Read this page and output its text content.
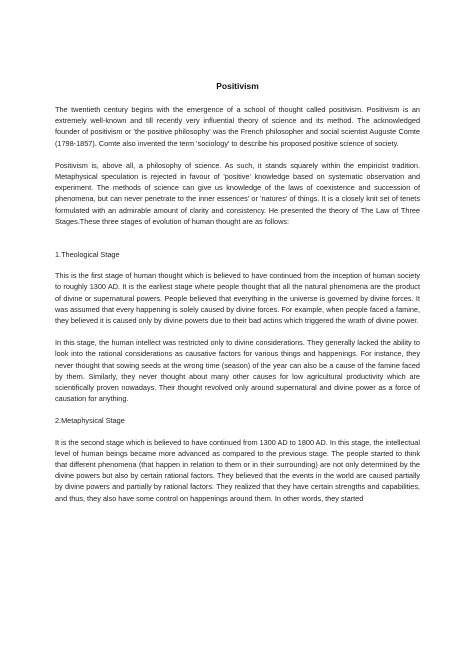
Positivism

The twentieth century begins with the emergence of a school of thought called positivism. Positivism is an extremely well-known and till recently very influential theory of science and its method. The acknowledged founder of positivism or 'the positive philosophy' was the French philosopher and social scientist Auguste Comte (1798-1857). Comte also invented the term 'sociology' to describe his proposed positive science of society.

Positivism is, above all, a philosophy of science. As such, it stands squarely within the empiricist tradition. Metaphysical speculation is rejected in favour of 'positive' knowledge based on systematic observation and experiment. The methods of science can give us knowledge of the laws of coexistence and succession of phenomena, but can never penetrate to the inner essences' or 'natures' of things. It is a closely knit set of tenets formulated with an admirable amount of clarity and consistency. He presented the theory of The Law of Three Stages.These three stages of evolution of human thought are as follows:

1.Theological Stage

This is the first stage of human thought which is believed to have continued from the inception of human society to roughly 1300 AD. It is the earliest stage where people thought that all the natural phenomena are the product of divine or supernatural powers. People believed that everything in the universe is governed by divine forces. It was assumed that every happening is solely caused by divine forces. For example, when people faced a famine, they believed it is caused only by divine powers due to their bad actins which triggered the wrath of divine power.

In this stage, the human intellect was restricted only to divine considerations. They generally lacked the ability to look into the rational considerations as causative factors for various things and happenings. For instance, they never thought that sowing seeds at the wrong time (season) of the year can also be a cause of the famine faced by them. Similarly, they never thought about many other causes for low agricultural productivity which are scientifically proven nowadays. Their thought revolved only around supernatural and divine power as a force of causation for anything.

2.Metaphysical Stage

It is the second stage which is believed to have continued from 1300 AD to 1800 AD. In this stage, the intellectual level of human beings became more advanced as compared to the previous stage. The people started to think that different phenomena (that happen in relation to them or in their surrounding) are not only determined by the divine powers but also by certain rational factors. They believed that the events in the world are caused partially by divine powers and partially by rational factors. They realized that they have certain strengths and capabilities, and thus, they also have some control on happenings around them. In other words, they started
